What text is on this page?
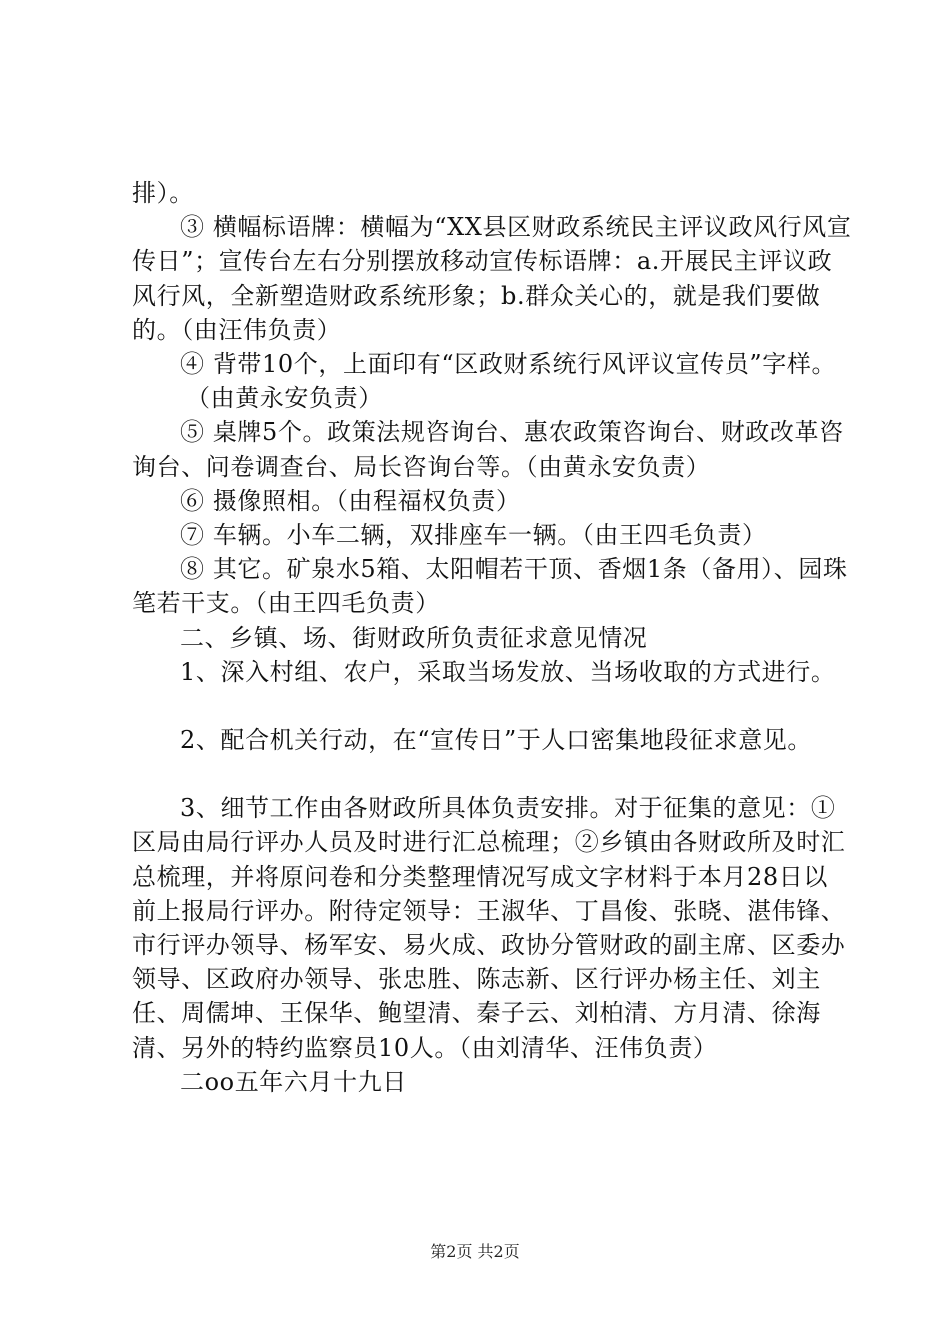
排）。

③ 横幅标语牌：横幅为“XX县区财政系统民主评议政风行风宣传日”；宣传台左右分别摆放移动宣传标语牌：a.开展民主评议政风行风，全新塑造财政系统形象；b.群众关心的，就是我们要做的。（由汪伟负责）

④ 背带10个，上面印有“区政财系统行风评议宣传员”字样。

（由黄永安负责）

⑤ 桌牌5个。政策法规咨询台、惠农政策咨询台、财政改革咨询台、问卷调查台、局长咨询台等。（由黄永安负责）

⑥ 摄像照相。（由程福权负责）

⑦ 车辆。小车二辆，双排座车一辆。（由王四毛负责）

⑧ 其它。矿泉水5箱、太阳帽若干顶、香烟1条（备用）、园珠笔若干支。（由王四毛负责）

二、乡镇、场、街财政所负责征求意见情况

1、深入村组、农户，采取当场发放、当场收取的方式进行。

2、配合机关行动，在“宣传日”于人口密集地段征求意见。

3、细节工作由各财政所具体负责安排。对于征集的意见：①区局由局行评办人员及时进行汇总梳理；②乡镇由各财政所及时汇总梳理，并将原问卷和分类整理情况写成文字材料于本月28日以前上报局行评办。附待定领导：王淑华、丁昌俊、张晓、湛伟锋、市行评办领导、杨军安、易火成、政协分管财政的副主席、区委办领导、区政府办领导、张忠胜、陈志新、区行评办杨主任、刘主任、周儒坤、王保华、鲍望清、秦子云、刘柏清、方月清、徐海清、另外的特约监察员10人。（由刘清华、汪伟负责）

二oo五年六月十九日

第2页 共2页
